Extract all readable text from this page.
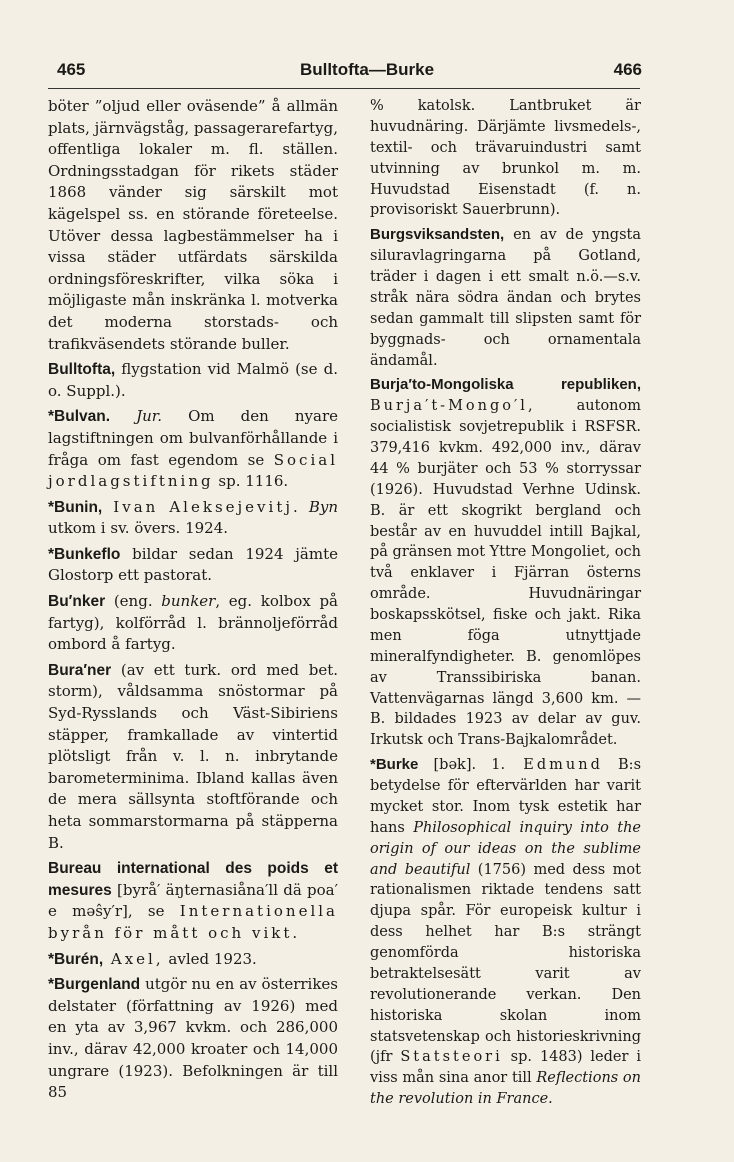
465	Bulltofta—Burke	466

böter ”oljud eller oväsende” å allmän plats, järnvägståg, passagerarefartyg, offentliga lokaler m. fl. ställen. Ordningsstadgan för rikets städer 1868 vänder sig särskilt mot kägelspel ss. en störande företeelse. Utöver dessa lagbestämmelser ha i vissa städer utfärdats särskilda ordningsföreskrifter, vilka söka i möjligaste mån inskränka l. motverka det moderna storstads- och trafikväsendets störande buller.

Bulltofta, flygstation vid Malmö (se d. o. Suppl.).

*Bulvan. Jur. Om den nyare lagstiftningen om bulvanförhållande i fråga om fast egendom se Social jordlagstiftning sp. 1116.

*Bunin, Ivan Aleksejevitj. Byn utkom i sv. övers. 1924.

*Bunkeflo bildar sedan 1924 jämte Glostorp ett pastorat.

Bu′nker (eng. bunker, eg. kolbox på fartyg), kolförråd l. brännoljeförråd ombord å fartyg.

Bura′ner (av ett turk. ord med bet. storm), våldsamma snöstormar på Syd-Rysslands och Väst-Sibiriens stäpper, framkallade av vintertid plötsligt från v. l. n. inbrytande barometerminima. Ibland kallas även de mera sällsynta stoftförande och heta sommarstormarna på stäpperna B.

Bureau international des poids et mesures [byrå′ äŋternasiåna′ll dä poa′ e məŝy′r], se Internationella byrån för mått och vikt.

*Burén, Axel, avled 1923.

*Burgenland utgör nu en av österrikes delstater (författning av 1926) med en yta av 3,967 kvkm. och 286,000 inv., därav 42,000 kroater och 14,000 ungrare (1923). Befolkningen är till 85

% katolsk. Lantbruket är huvudnäring. Därjämte livsmedels-, textil- och trävaruindustri samt utvinning av brunkol m. m. Huvudstad Eisenstadt (f. n. provisoriskt Sauerbrunn).

Burgsviksandsten, en av de yngsta siluravlagringarna på Gotland, träder i dagen i ett smalt n.ö.—s.v. stråk nära södra ändan och brytes sedan gammalt till slipsten samt för byggnads- och ornamentala ändamål.

Burja′to-Mongoliska republiken, Burja′t-Mongo′l, autonom socialistisk sovjetrepublik i RSFSR. 379,416 kvkm. 492,000 inv., därav 44 % burjäter och 53 % storryssar (1926). Huvudstad Verhne Udinsk. B. är ett skogrikt bergland och består av en huvuddel intill Bajkal, på gränsen mot Yttre Mongoliet, och två enklaver i Fjärran österns område. Huvudnäringar boskapsskötsel, fiske och jakt. Rika men föga utnyttjade mineralfyndigheter. B. genomlöpes av Transsibiriska banan. Vattenvägarnas längd 3,600 km. — B. bildades 1923 av delar av guv. Irkutsk och Trans-Bajkalområdet.

*Burke [bək]. 1. Edmund B:s betydelse för eftervärlden har varit mycket stor. Inom tysk estetik har hans Philosophical inquiry into the origin of our ideas on the sublime and beautiful (1756) med dess mot rationalismen riktade tendens satt djupa spår. För europeisk kultur i dess helhet har B:s strängt genomförda historiska betraktelsesätt varit av revolutionerande verkan. Den historiska skolan inom statsvetenskap och historieskrivning (jfr Statsteori sp. 1483) leder i viss mån sina anor till Reflections on the revolution in France.
